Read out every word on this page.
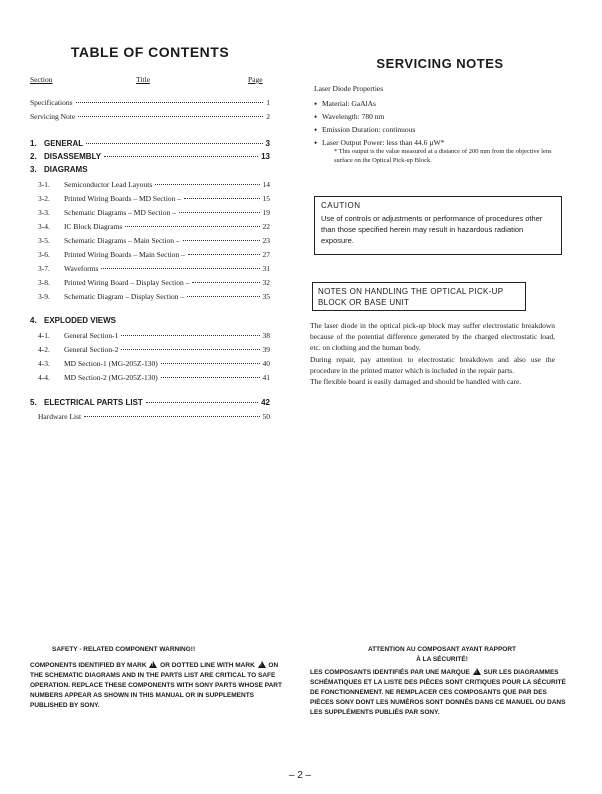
TABLE OF CONTENTS
Section	Title	Page
Specifications	1
Servicing Note	2
1. GENERAL	3
2. DISASSEMBLY	13
3. DIAGRAMS
3-1.	Semiconductor Lead Layouts	14
3-2.	Printed Wiring Boards – MD Section –	15
3-3.	Schematic Diagrams – MD Section –	19
3-4.	IC Block Diagrams	22
3-5.	Schematic Diagrams – Main Section –	23
3-6.	Printed Wiring Boards – Main Section –	27
3-7.	Waveforms	31
3-8.	Printed Wiring Board – Display Section –	32
3-9.	Schematic Diagram – Display Section –	35
4. EXPLODED VIEWS
4-1.	General Section-1	38
4-2.	General Section-2	39
4-3.	MD Section-1 (MG-205Z-130)	40
4-4.	MD Section-2 (MG-205Z-130)	41
5. ELECTRICAL PARTS LIST	42
Hardware List	50
SERVICING NOTES
Laser Diode Properties
• Material: GaAlAs
• Wavelength: 780 nm
• Emission Duration: continuous
• Laser Output Power: less than 44.6 µW*
* This output is the value measured at a distance of 200 mm from the objective lens surface on the Optical Pick-up Block.
CAUTION
Use of controls or adjustments or performance of procedures other than those specified herein may result in hazardous radiation exposure.
NOTES ON HANDLING THE OPTICAL PICK-UP BLOCK OR BASE UNIT

The laser diode in the optical pick-up block may suffer electrostatic breakdown because of the potential difference generated by the charged electrostatic load, etc. on clothing and the human body.

During repair, pay attention to electrostatic breakdown and also use the procedure in the printed matter which is included in the repair parts.

The flexible board is easily damaged and should be handled with care.

SAFETY - RELATED COMPONENT WARNING!!
COMPONENTS IDENTIFIED BY MARK ! OR DOTTED LINE WITH MARK ! ON THE SCHEMATIC DIAGRAMS AND IN THE PARTS LIST ARE CRITICAL TO SAFE OPERATION. REPLACE THESE COMPONENTS WITH SONY PARTS WHOSE PART NUMBERS APPEAR AS SHOWN IN THIS MANUAL OR IN SUPPLEMENTS PUBLISHED BY SONY.
ATTENTION AU COMPOSANT AYANT RAPPORT
À LA SÉCURITÉ!
LES COMPOSANTS IDENTIFIÉS PAR UNE MARQUE ! SUR LES DIAGRAMMES SCHÉMATIQUES ET LA LISTE DES PIÈCES SONT CRITIQUES POUR LA SÉCURITÉ DE FONCTIONNEMENT. NE REMPLACER CES COMPOSANTS QUE PAR DES PIÈCES SONY DONT LES NUMÉROS SONT DONNÉS DANS CE MANUEL OU DANS LES SUPPLÉMENTS PUBLIÉS PAR SONY.
– 2 –
